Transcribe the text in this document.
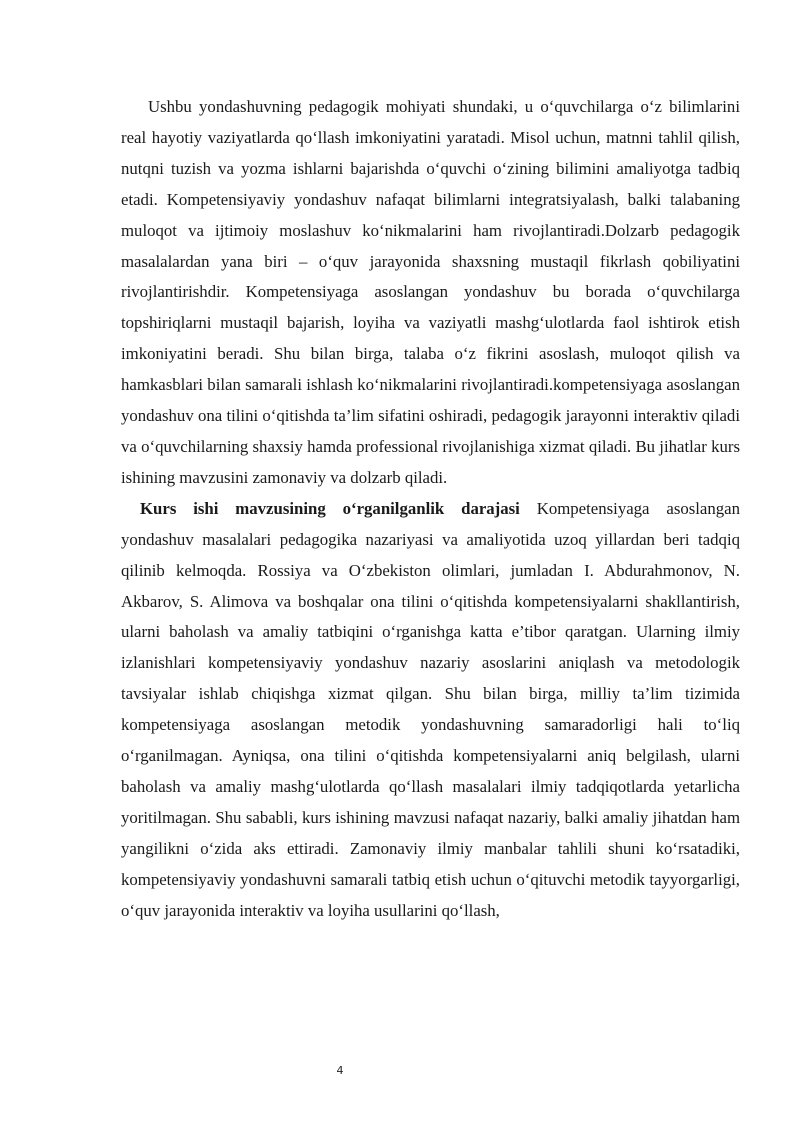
Ushbu yondashuvning pedagogik mohiyati shundaki, u o‘quvchilarga o‘z bilimlarini real hayotiy vaziyatlarda qo‘llash imkoniyatini yaratadi. Misol uchun, matnni tahlil qilish, nutqni tuzish va yozma ishlarni bajarishda o‘quvchi o‘zining bilimini amaliyotga tadbiq etadi. Kompetensiyaviy yondashuv nafaqat bilimlarni integratsiyalash, balki talabaning muloqot va ijtimoiy moslashuv ko‘nikmalarini ham rivojlantiradi.Dolzarb pedagogik masalalardan yana biri – o‘quv jarayonida shaxsning mustaqil fikrlash qobiliyatini rivojlantirishdir. Kompetensiyaga asoslangan yondashuv bu borada o‘quvchilarga topshiriqlarni mustaqil bajarish, loyiha va vaziyatli mashg‘ulotlarda faol ishtirok etish imkoniyatini beradi. Shu bilan birga, talaba o‘z fikrini asoslash, muloqot qilish va hamkasblari bilan samarali ishlash ko‘nikmalarini rivojlantiradi.kompetensiyaga asoslangan yondashuv ona tilini o‘qitishda ta’lim sifatini oshiradi, pedagogik jarayonni interaktiv qiladi va o‘quvchilarning shaxsiy hamda professional rivojlanishiga xizmat qiladi. Bu jihatlar kurs ishining mavzusini zamonaviy va dolzarb qiladi.

Kurs ishi mavzusining o‘rganilganlik darajasi Kompetensiyaga asoslangan yondashuv masalalari pedagogika nazariyasi va amaliyotida uzoq yillardan beri tadqiq qilinib kelmoqda. Rossiya va O‘zbekiston olimlari, jumladan I. Abdurahmonov, N. Akbarov, S. Alimova va boshqalar ona tilini o‘qitishda kompetensiyalarni shakllantirish, ularni baholash va amaliy tatbiqini o‘rganishga katta e’tibor qaratgan. Ularning ilmiy izlanishlari kompetensiyaviy yondashuv nazariy asoslarini aniqlash va metodologik tavsiyalar ishlab chiqishga xizmat qilgan. Shu bilan birga, milliy ta’lim tizimida kompetensiyaga asoslangan metodik yondashuvning samaradorligi hali to‘liq o‘rganilmagan. Ayniqsa, ona tilini o‘qitishda kompetensiyalarni aniq belgilash, ularni baholash va amaliy mashg‘ulotlarda qo‘llash masalalari ilmiy tadqiqotlarda yetarlicha yoritilmagan. Shu sababli, kurs ishining mavzusi nafaqat nazariy, balki amaliy jihatdan ham yangilikni o‘zida aks ettiradi. Zamonaviy ilmiy manbalar tahlili shuni ko‘rsatadiki, kompetensiyaviy yondashuvni samarali tatbiq etish uchun o‘qituvchi metodik tayyorgarligi, o‘quv jarayonida interaktiv va loyiha usullarini qo‘llash,

4
